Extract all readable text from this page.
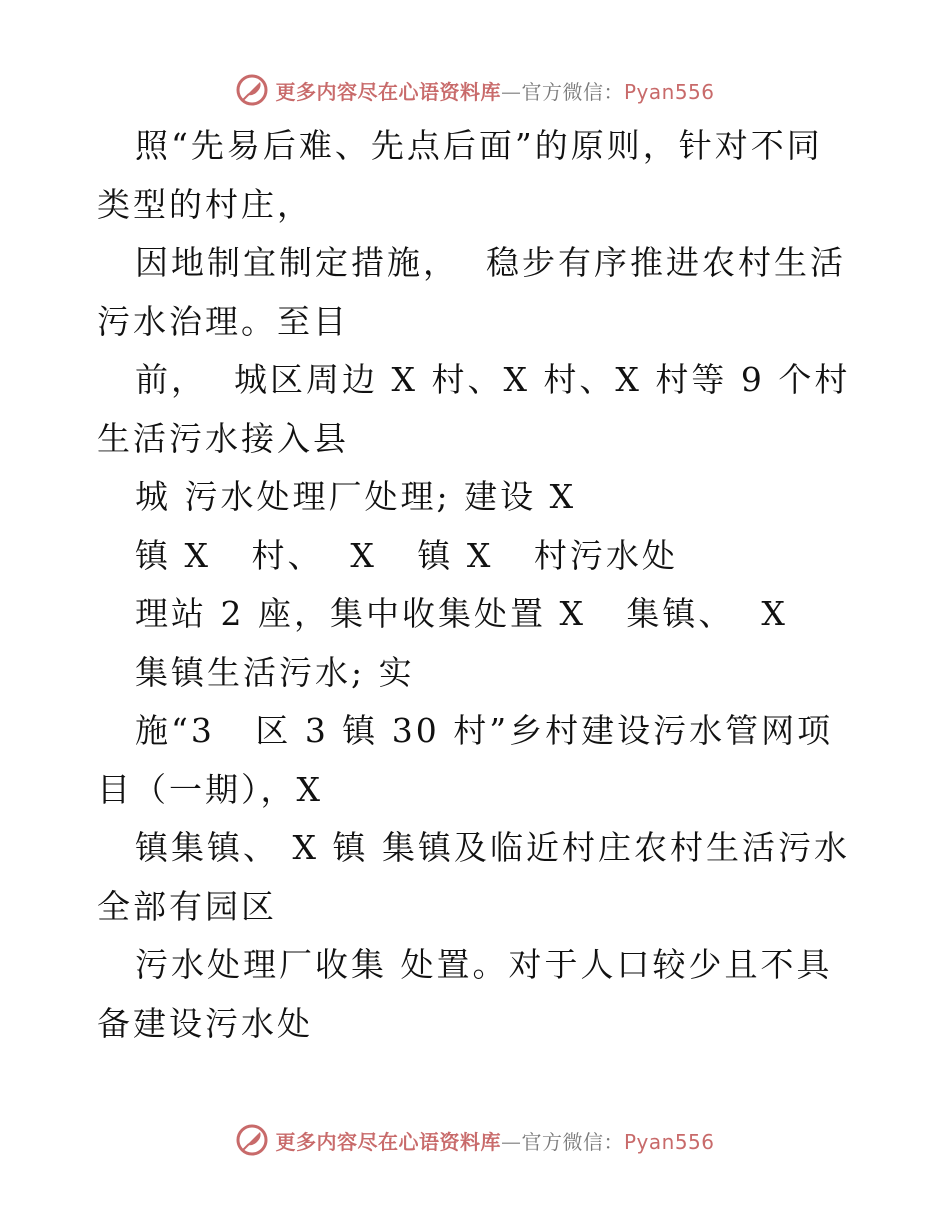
更多内容尽在心语资料库—官方微信：Pyan556

照“先易后难、先点后面”的原则，针对不同类型的村庄，

因地制宜制定措施，  稳步有序推进农村生活污水治理。至目

前，  城区周边 X 村、X 村、X 村等 9 个村生活污水接入县

城 污水处理厂处理; 建设 X

镇 X   村、  X   镇 X   村污水处

理站 2 座，集中收集处置 X   集镇、  X

集镇生活污水; 实

施“3   区 3 镇 30 村”乡村建设污水管网项目（一期），X

镇集镇、 X 镇 集镇及临近村庄农村生活污水全部有园区

污水处理厂收集 处置。对于人口较少且不具备建设污水处

更多内容尽在心语资料库—官方微信：Pyan556
